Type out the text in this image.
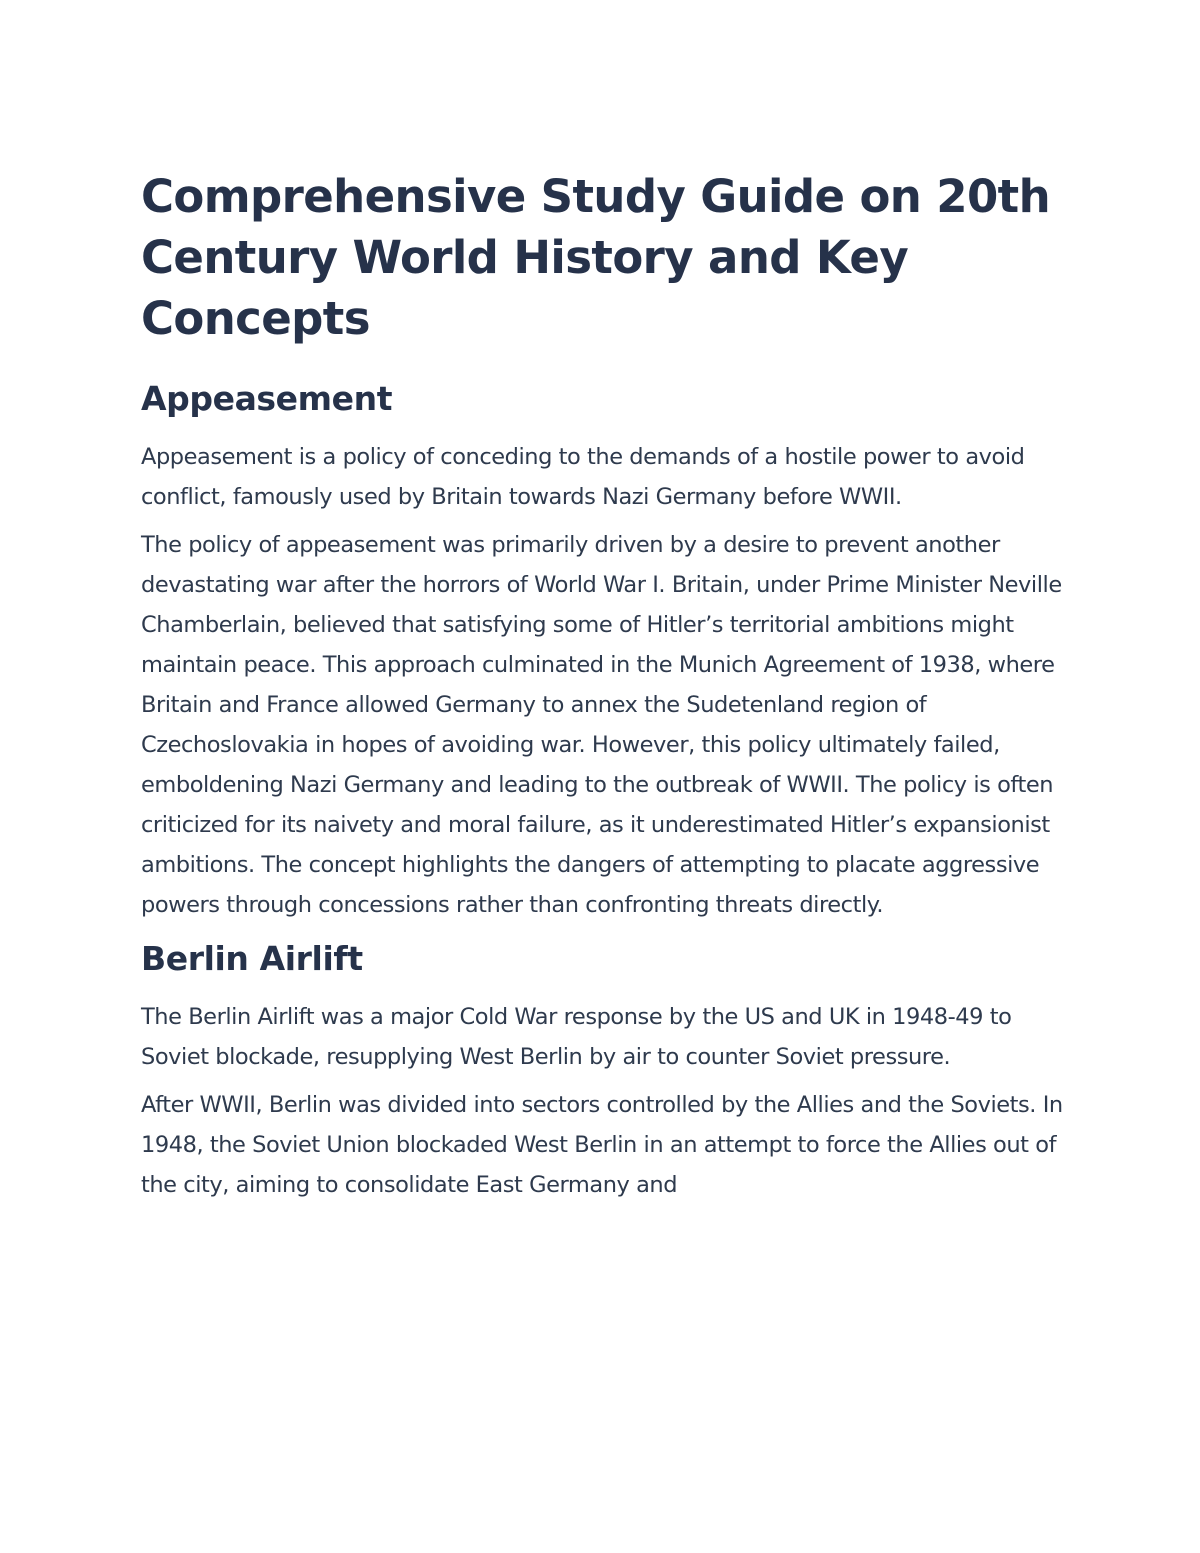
Comprehensive Study Guide on 20th Century World History and Key Concepts
Appeasement

Appeasement is a policy of conceding to the demands of a hostile power to avoid conflict, famously used by Britain towards Nazi Germany before WWII.

The policy of appeasement was primarily driven by a desire to prevent another devastating war after the horrors of World War I. Britain, under Prime Minister Neville Chamberlain, believed that satisfying some of Hitler’s territorial ambitions might maintain peace. This approach culminated in the Munich Agreement of 1938, where Britain and France allowed Germany to annex the Sudetenland region of Czechoslovakia in hopes of avoiding war. However, this policy ultimately failed, emboldening Nazi Germany and leading to the outbreak of WWII. The policy is often criticized for its naivety and moral failure, as it underestimated Hitler’s expansionist ambitions. The concept highlights the dangers of attempting to placate aggressive powers through concessions rather than confronting threats directly.

Berlin Airlift

The Berlin Airlift was a major Cold War response by the US and UK in 1948-49 to Soviet blockade, resupplying West Berlin by air to counter Soviet pressure.

After WWII, Berlin was divided into sectors controlled by the Allies and the Soviets. In 1948, the Soviet Union blockaded West Berlin in an attempt to force the Allies out of the city, aiming to consolidate East Germany and
